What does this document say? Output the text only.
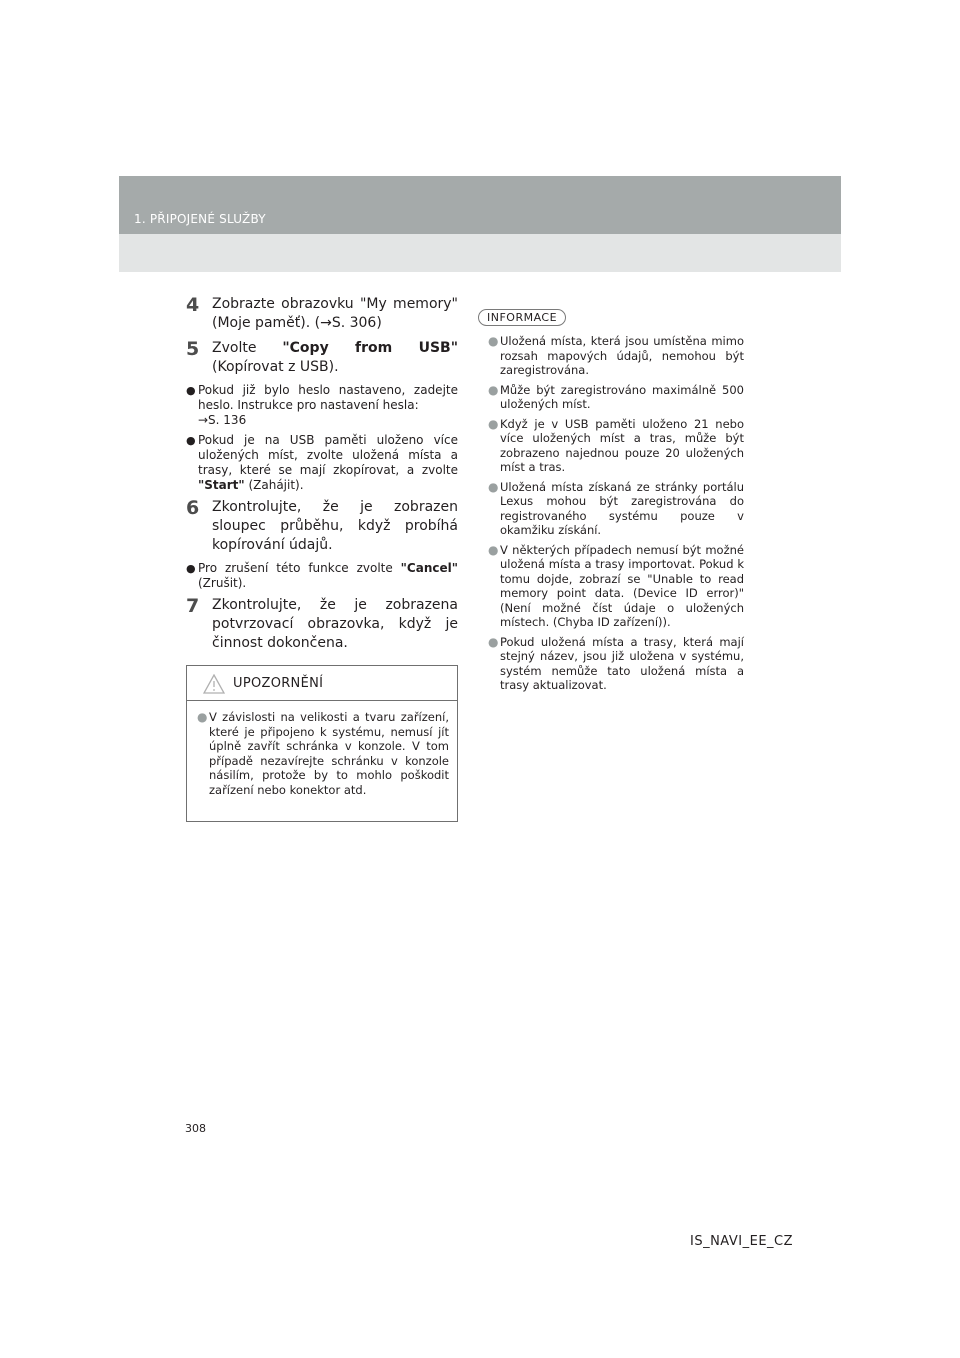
1. PŘIPOJENÉ SLUŽBY
4 Zobrazte obrazovku "My memory" (Moje paměť). (→S. 306)
5 Zvolte "Copy from USB" (Kopírovat z USB).
● Pokud již bylo heslo nastaveno, zadejte heslo. Instrukce pro nastavení hesla:
→S. 136
● Pokud je na USB paměti uloženo více uložených míst, zvolte uložená místa a trasy, které se mají zkopírovat, a zvolte "Start" (Zahájit).
6 Zkontrolujte, že je zobrazen sloupec průběhu, když probíhá kopírování údajů.
● Pro zrušení této funkce zvolte "Cancel" (Zrušit).
7 Zkontrolujte, že je zobrazena potvrzovací obrazovka, když je činnost dokončena.
UPOZORNĚNÍ
● V závislosti na velikosti a tvaru zařízení, které je připojeno k systému, nemusí jít úplně zavřít schránka v konzole. V tom případě nezavírejte schránku v konzole násilím, protože by to mohlo poškodit zařízení nebo konektor atd.
INFORMACE
● Uložená místa, která jsou umístěna mimo rozsah mapových údajů, nemohou být zaregistrována.
● Může být zaregistrováno maximálně 500 uložených míst.
● Když je v USB paměti uloženo 21 nebo více uložených míst a tras, může být zobrazeno najednou pouze 20 uložených míst a tras.
● Uložená místa získaná ze stránky portálu Lexus mohou být zaregistrována do registrovaného systému pouze v okamžiku získání.
● V některých případech nemusí být možné uložená místa a trasy importovat. Pokud k tomu dojde, zobrazí se "Unable to read memory point data. (Device ID error)" (Není možné číst údaje o uložených místech. (Chyba ID zařízení)).
● Pokud uložená místa a trasy, která mají stejný název, jsou již uložena v systému, systém nemůže tato uložená místa a trasy aktualizovat.
308
IS_NAVI_EE_CZ
